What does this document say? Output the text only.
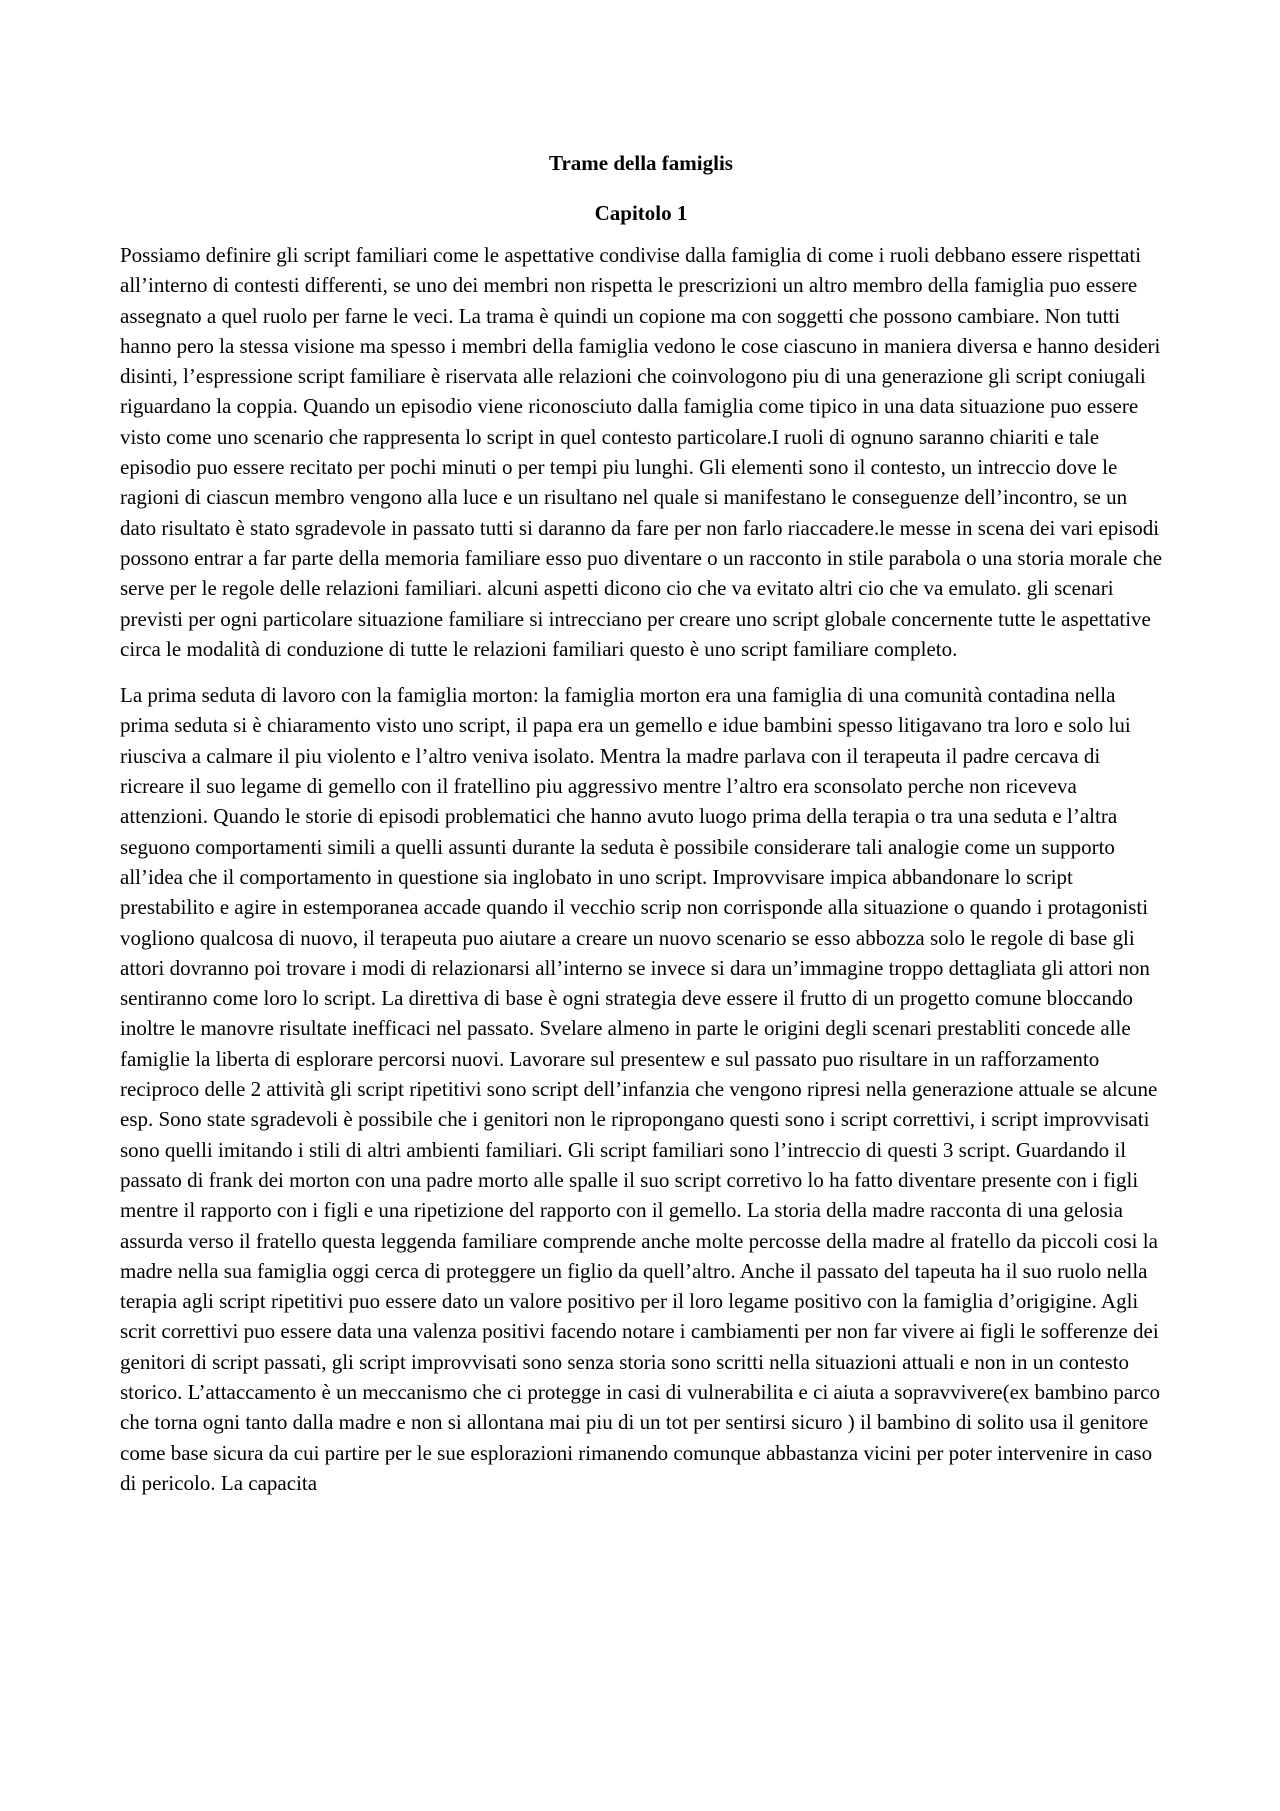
Trame della famiglis
Capitolo 1

Possiamo definire gli script familiari come le aspettative condivise dalla famiglia di come i ruoli debbano essere rispettati all’interno di contesti differenti, se uno dei membri non rispetta le prescrizioni un altro membro della famiglia puo essere assegnato a quel ruolo per farne le veci. La trama è quindi un copione ma con soggetti che possono cambiare. Non tutti hanno pero la stessa visione ma spesso i membri della famiglia vedono le cose ciascuno in maniera diversa e hanno desideri disinti, l’espressione script familiare è riservata alle relazioni che coinvologono piu di una generazione gli script coniugali riguardano la coppia. Quando un episodio viene riconosciuto dalla famiglia come tipico in una data situazione puo essere visto come uno scenario che rappresenta lo script in quel contesto particolare.I ruoli di ognuno saranno chiariti e tale episodio puo essere recitato per pochi minuti o per tempi piu lunghi. Gli elementi sono il contesto, un intreccio dove le ragioni di ciascun membro vengono alla luce e un risultano nel quale si manifestano le conseguenze dell’incontro, se un dato risultato è stato sgradevole in passato tutti si daranno da fare per non farlo riaccadere.le messe in scena dei vari episodi possono entrar a far parte della memoria familiare esso puo diventare o un racconto in stile parabola o una storia morale che serve per le regole delle relazioni familiari. alcuni aspetti dicono cio che va evitato altri cio che va emulato. gli scenari previsti per ogni particolare situazione familiare si intrecciano per creare uno script globale concernente tutte le aspettative circa le modalità di conduzione di tutte le relazioni familiari questo è uno script familiare completo.

La prima seduta di lavoro con la famiglia morton: la famiglia morton era una famiglia di una comunità contadina nella prima seduta si è chiaramento visto uno script, il papa era un gemello e idue bambini spesso litigavano tra loro e solo lui riusciva a calmare il piu violento e l’altro veniva isolato. Mentra la madre parlava con il terapeuta il padre cercava di ricreare il suo legame di gemello con il fratellino piu aggressivo mentre l’altro era sconsolato perche non riceveva attenzioni. Quando le storie di episodi problematici che hanno avuto luogo prima della terapia o tra una seduta e l’altra seguono comportamenti simili a quelli assunti durante la seduta è possibile considerare tali analogie come un supporto all’idea che il comportamento in questione sia inglobato in uno script. Improvvisare impica abbandonare lo script prestabilito e agire in estemporanea accade quando il vecchio scrip non corrisponde alla situazione o quando i protagonisti vogliono qualcosa di nuovo, il terapeuta puo aiutare a creare un nuovo scenario se esso abbozza solo le regole di base gli attori dovranno poi trovare i modi di relazionarsi all’interno se invece si dara un’immagine troppo dettagliata gli attori non sentiranno come loro lo script. La direttiva di base è ogni strategia deve essere il frutto di un progetto comune bloccando inoltre le manovre risultate inefficaci nel passato. Svelare almeno in parte le origini degli scenari prestabliti concede alle famiglie la liberta di esplorare percorsi nuovi. Lavorare sul presentew e sul passato puo risultare in un rafforzamento reciproco delle 2 attività gli script ripetitivi sono script dell’infanzia che vengono ripresi nella generazione attuale se alcune esp. Sono state sgradevoli è possibile che i genitori non le ripropongano questi sono i script correttivi, i script improvvisati sono quelli imitando i stili di altri ambienti familiari. Gli script familiari sono l’intreccio di questi 3 script. Guardando il passato di frank dei morton con una padre morto alle spalle il suo script corretivo lo ha fatto diventare presente con i figli mentre il rapporto con i figli e una ripetizione del rapporto con il gemello. La storia della madre racconta di una gelosia assurda verso il fratello questa leggenda familiare comprende anche molte percosse della madre al fratello da piccoli cosi la madre nella sua famiglia oggi cerca di proteggere un figlio da quell’altro. Anche il passato del tapeuta ha il suo ruolo nella terapia agli script ripetitivi puo essere dato un valore positivo per il loro legame positivo con la famiglia d’origigine. Agli scrit correttivi puo essere data una valenza positivi facendo notare i cambiamenti per non far vivere ai figli le sofferenze dei genitori di script passati, gli script improvvisati sono senza storia sono scritti nella situazioni attuali e non in un contesto storico. L’attaccamento è un meccanismo che ci protegge in casi di vulnerabilita e ci aiuta a sopravvivere(ex bambino parco che torna ogni tanto dalla madre e non si allontana mai piu di un tot per sentirsi sicuro ) il bambino di solito usa il genitore come base sicura da cui partire per le sue esplorazioni rimanendo comunque abbastanza vicini per poter intervenire in caso di pericolo. La capacita
